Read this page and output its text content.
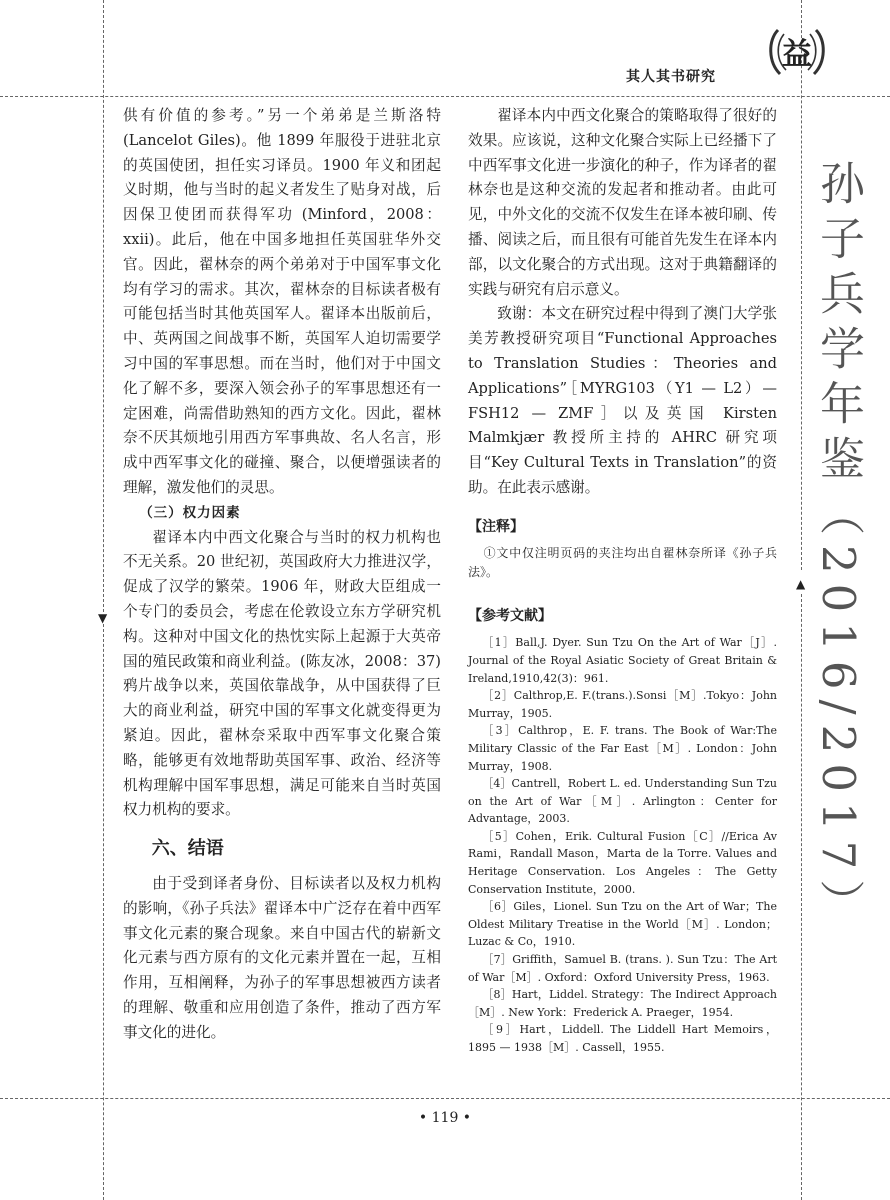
▼
▲
其人其书研究
益
孙子兵学年鉴（2016/2017）

供有价值的参考。”另一个弟弟是兰斯洛特(Lancelot Giles)。他 1899 年服役于进驻北京的英国使团，担任实习译员。1900 年义和团起义时期，他与当时的起义者发生了贴身对战，后因保卫使团而获得军功 (Minford，2008：xxii)。此后，他在中国多地担任英国驻华外交官。因此，翟林奈的两个弟弟对于中国军事文化均有学习的需求。其次，翟林奈的目标读者极有可能包括当时其他英国军人。翟译本出版前后，中、英两国之间战事不断，英国军人迫切需要学习中国的军事思想。而在当时，他们对于中国文化了解不多，要深入领会孙子的军事思想还有一定困难，尚需借助熟知的西方文化。因此，翟林奈不厌其烦地引用西方军事典故、名人名言，形成中西军事文化的碰撞、聚合，以便增强读者的理解，激发他们的灵思。

（三）权力因素

翟译本内中西文化聚合与当时的权力机构也不无关系。20 世纪初，英国政府大力推进汉学，促成了汉学的繁荣。1906 年，财政大臣组成一个专门的委员会，考虑在伦敦设立东方学研究机构。这种对中国文化的热忱实际上起源于大英帝国的殖民政策和商业利益。(陈友冰，2008：37) 鸦片战争以来，英国依靠战争，从中国获得了巨大的商业利益，研究中国的军事文化就变得更为紧迫。因此，翟林奈采取中西军事文化聚合策略，能够更有效地帮助英国军事、政治、经济等机构理解中国军事思想，满足可能来自当时英国权力机构的要求。

六、结语

由于受到译者身份、目标读者以及权力机构的影响，《孙子兵法》翟译本中广泛存在着中西军事文化元素的聚合现象。来自中国古代的崭新文化元素与西方原有的文化元素并置在一起，互相作用，互相阐释，为孙子的军事思想被西方读者的理解、敬重和应用创造了条件，推动了西方军事文化的进化。

翟译本内中西文化聚合的策略取得了很好的效果。应该说，这种文化聚合实际上已经播下了中西军事文化进一步演化的种子，作为译者的翟林奈也是这种交流的发起者和推动者。由此可见，中外文化的交流不仅发生在译本被印刷、传播、阅读之后，而且很有可能首先发生在译本内部，以文化聚合的方式出现。这对于典籍翻译的实践与研究有启示意义。

致谢：本文在研究过程中得到了澳门大学张美芳教授研究项目“Functional Approaches to Translation Studies：Theories and Applications”［MYRG103（Y1 — L2）— FSH12 — ZMF］以及英国 Kirsten Malmkjær 教授所主持的 AHRC 研究项目“Key Cultural Texts in Translation”的资助。在此表示感谢。

【注释】

①文中仅注明页码的夹注均出自翟林奈所译《孙子兵法》。

【参考文献】

［1］Ball,J. Dyer. Sun Tzu On the Art of War［J］. Journal of the Royal Asiatic Society of Great Britain & Ireland,1910,42(3)：961.

［2］Calthrop,E. F.(trans.).Sonsi［M］.Tokyo：John Murray，1905.

［3］Calthrop，E. F. trans. The Book of War:The Military Classic of the Far East［M］. London：John Murray，1908.

［4］Cantrell，Robert L. ed. Understanding Sun Tzu on the Art of War［M］. Arlington：Center for Advantage，2003.

［5］Cohen，Erik. Cultural Fusion［C］//Erica Av Rami，Randall Mason，Marta de la Torre. Values and Heritage Conservation. Los Angeles：The Getty Conservation Institute，2000.

［6］Giles，Lionel. Sun Tzu on the Art of War；The Oldest Military Treatise in the World［M］. London；Luzac & Co，1910.

［7］Griffith，Samuel B. (trans. ). Sun Tzu：The Art of War［M］. Oxford：Oxford University Press，1963.

［8］Hart，Liddel. Strategy：The Indirect Approach［M］. New York：Frederick A. Praeger，1954.

［9］Hart，Liddell. The Liddell Hart Memoirs，1895 — 1938［M］. Cassell，1955.

• 119 •
